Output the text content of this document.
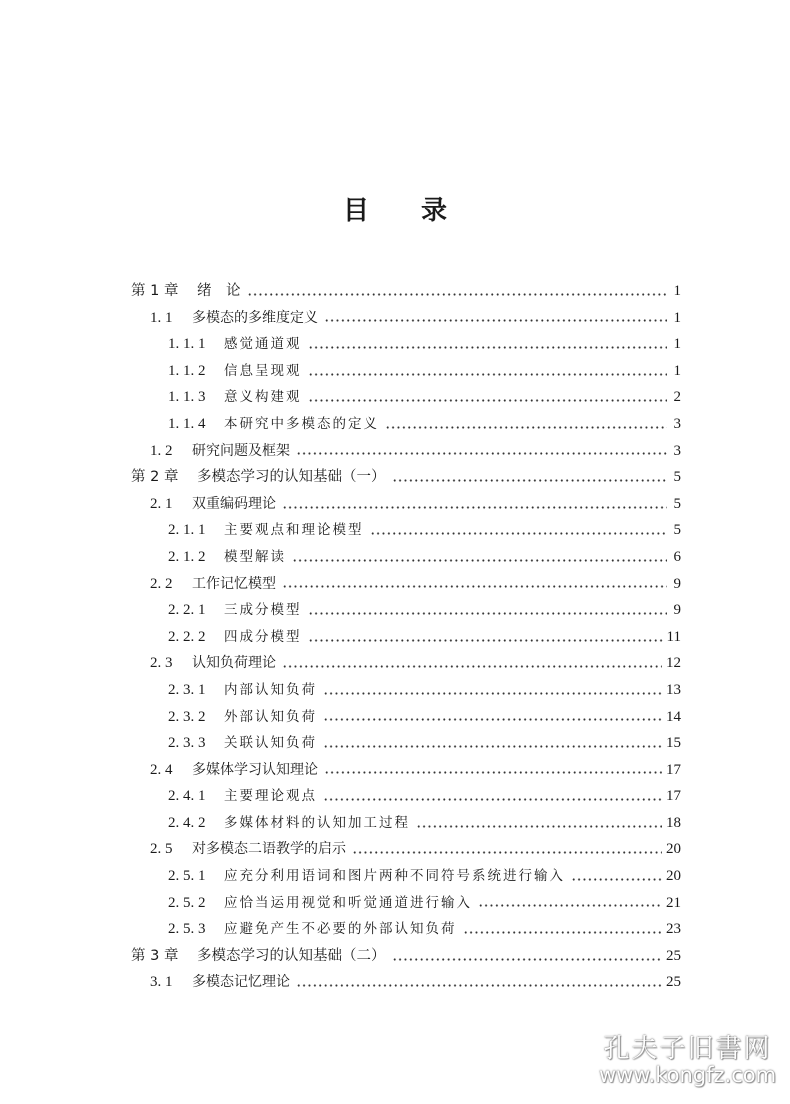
目 录
第 1 章	绪　论	1
1. 1	多模态的多维度定义	1
1. 1. 1	感觉通道观	1
1. 1. 2	信息呈现观	1
1. 1. 3	意义构建观	2
1. 1. 4	本研究中多模态的定义	3
1. 2	研究问题及框架	3
第 2 章	多模态学习的认知基础（一）	5
2. 1	双重编码理论	5
2. 1. 1	主要观点和理论模型	5
2. 1. 2	模型解读	6
2. 2	工作记忆模型	9
2. 2. 1	三成分模型	9
2. 2. 2	四成分模型	11
2. 3	认知负荷理论	12
2. 3. 1	内部认知负荷	13
2. 3. 2	外部认知负荷	14
2. 3. 3	关联认知负荷	15
2. 4	多媒体学习认知理论	17
2. 4. 1	主要理论观点	17
2. 4. 2	多媒体材料的认知加工过程	18
2. 5	对多模态二语教学的启示	20
2. 5. 1	应充分利用语词和图片两种不同符号系统进行输入	20
2. 5. 2	应恰当运用视觉和听觉通道进行输入	21
2. 5. 3	应避免产生不必要的外部认知负荷	23
第 3 章	多模态学习的认知基础（二）	25
3. 1	多模态记忆理论	25
孔夫子旧書网
www.kongfz.com
